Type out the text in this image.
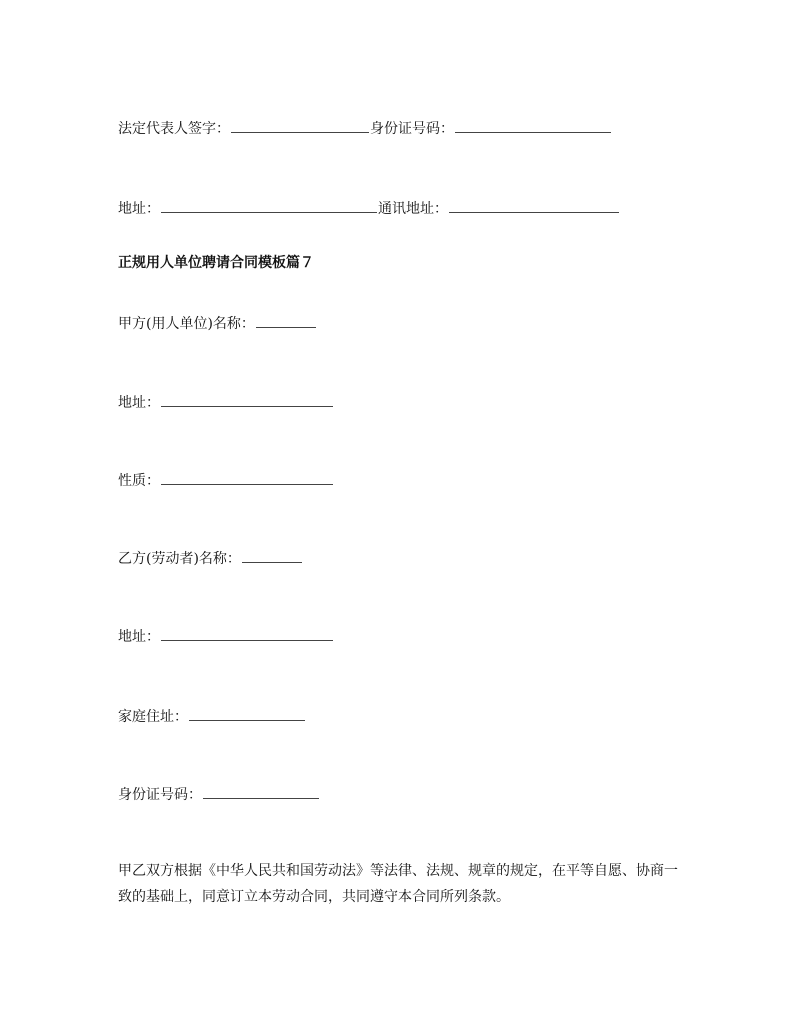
法定代表人签字：	身份证号码：
地址：	通讯地址：
正规用人单位聘请合同模板篇７
甲方(用人单位)名称：
地址：
性质：
乙方(劳动者)名称：
地址：
家庭住址：
身份证号码：
甲乙双方根据《中华人民共和国劳动法》等法律、法规、规章的规定，在平等自愿、协商一致的基础上，同意订立本劳动合同，共同遵守本合同所列条款。
